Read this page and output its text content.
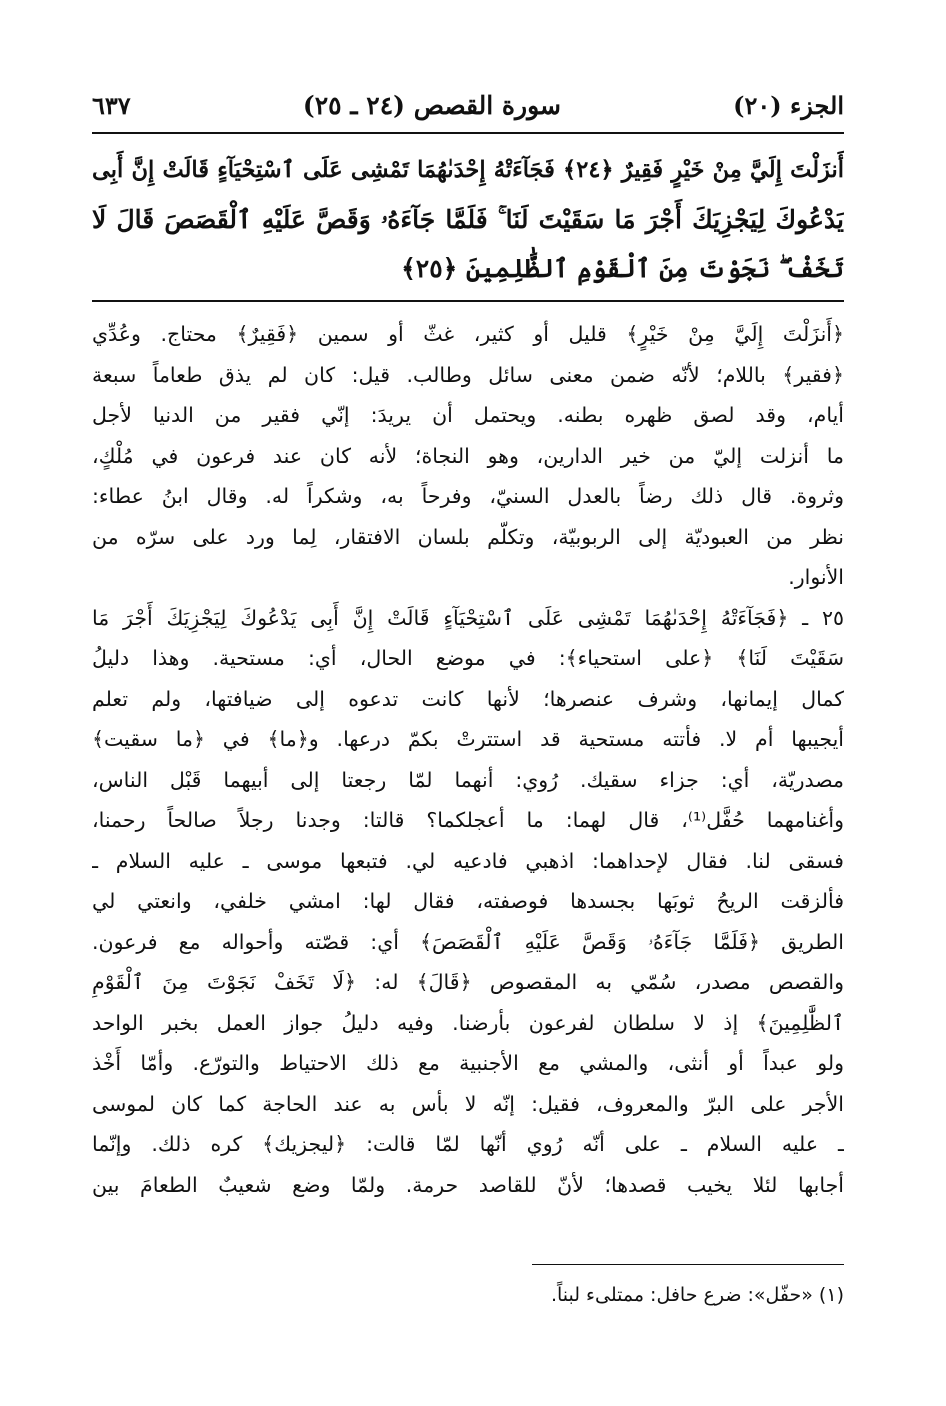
الجزء (٢٠)
سورة القصص (٢٤ ـ ٢٥)
٦٣٧
أَنزَلْتَ إِلَيَّ مِنْ خَيْرٍ فَقِيرٌ ﴿٢٤﴾ فَجَآءَتْهُ إِحْدَىٰهُمَا تَمْشِى عَلَى ٱسْتِحْيَآءٍ قَالَتْ إِنَّ أَبِى
يَدْعُوكَ لِيَجْزِيَكَ أَجْرَ مَا سَقَيْتَ لَنَا ۚ فَلَمَّا جَآءَهُۥ وَقَصَّ عَلَيْهِ ٱلْقَصَصَ قَالَ لَا
تَخَفْ ۖ نَجَوْتَ مِنَ ٱلْقَوْمِ ٱلظَّٰلِمِينَ ﴿٢٥﴾
﴿أَنزَلْتَ إِلَيَّ مِنْ خَيْرٍ﴾ قليل أو كثير، غثّ أو سمين ﴿فَقِيرٌ﴾ محتاج. وعُدِّي
﴿فقير﴾ باللام؛ لأنّه ضمن معنى سائل وطالب. قيل: كان لم يذق طعاماً سبعة
أيام، وقد لصق ظهره بطنه. ويحتمل أن يريدَ: إنّي فقير من الدنيا لأجل
ما أنزلت إليّ من خير الدارين، وهو النجاة؛ لأنه كان عند فرعون في مُلْكٍ،
وثروة. قال ذلك رضاً بالعدل السنيّ، وفرحاً به، وشكراً له. وقال ابنُ عطاء:
نظر من العبوديّة إلى الربوبيّة، وتكلّم بلسان الافتقار، لِما ورد على سرّه من
الأنوار.
٢٥ ـ ﴿فَجَآءَتْهُ إِحْدَىٰهُمَا تَمْشِى عَلَى ٱسْتِحْيَآءٍ قَالَتْ إِنَّ أَبِى يَدْعُوكَ لِيَجْزِيَكَ أَجْرَ مَا
سَقَيْتَ لَنَا﴾ ﴿على استحياء﴾: في موضع الحال، أي: مستحية. وهذا دليلُ
كمال إيمانها، وشرف عنصرها؛ لأنها كانت تدعوه إلى ضيافتها، ولم تعلم
أيجيبها أم لا. فأتته مستحية قد استترتْ بكمّ درعها. و﴿ما﴾ في ﴿ما سقيت﴾
مصدريّة، أي: جزاء سقيك. رُوي: أنهما لمّا رجعتا إلى أبيهما قَبْل الناس،
وأغنامهما حُفَّل⁽¹⁾، قال لهما: ما أعجلكما؟ قالتا: وجدنا رجلاً صالحاً رحمنا،
فسقى لنا. فقال لإحداهما: اذهبي فادعيه لي. فتبعها موسى ـ عليه السلام ـ
فألزقت الريحُ ثوبَها بجسدها فوصفته، فقال لها: امشي خلفي، وانعتي لي
الطريق ﴿فَلَمَّا جَآءَهُۥ وَقَصَّ عَلَيْهِ ٱلْقَصَصَ﴾ أي: قصّته وأحواله مع فرعون.
والقصص مصدر، سُمّي به المقصوص ﴿قَالَ﴾ له: ﴿لَا تَخَفْ نَجَوْتَ مِنَ ٱلْقَوْمِ
ٱلظَّٰلِمِينَ﴾ إذ لا سلطان لفرعون بأرضنا. وفيه دليلُ جواز العمل بخبر الواحد
ولو عبداً أو أنثى، والمشي مع الأجنبية مع ذلك الاحتياط والتورّع. وأمّا أَخْذ
الأجر على البرّ والمعروف، فقيل: إنّه لا بأس به عند الحاجة كما كان لموسى
ـ عليه السلام ـ على أنّه رُوي أنّها لمّا قالت: ﴿ليجزيك﴾ كره ذلك. وإنّما
أجابها لئلا يخيب قصدها؛ لأنّ للقاصد حرمة. ولمّا وضع شعيبٌ الطعامَ بين
(١) «حفّل»: ضرع حافل: ممتلىء لبناً.
